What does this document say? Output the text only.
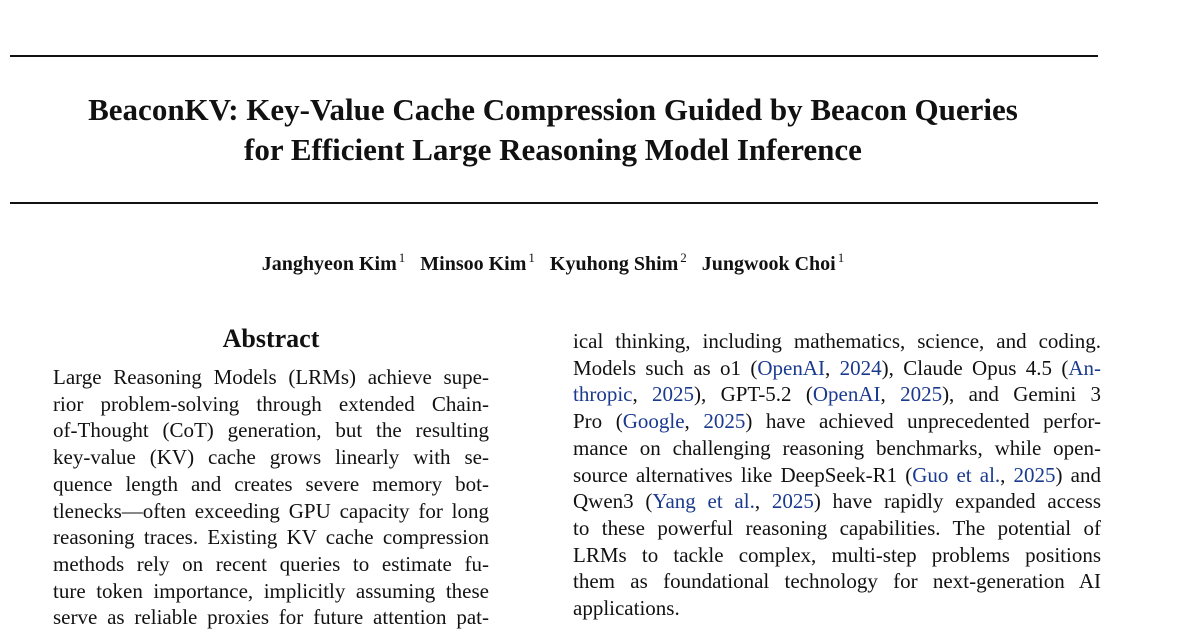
BeaconKV: Key-Value Cache Compression Guided by Beacon Queries
for Efficient Large Reasoning Model Inference
Janghyeon Kim $^1$ Minsoo Kim $^1$ Kyuhong Shim $^2$ Jungwook Choi $^1$
Abstract
Large Reasoning Models (LRMs) achieve supe-
rior problem-solving through extended Chain-
of-Thought (CoT) generation, but the resulting
key-value (KV) cache grows linearly with se-
quence length and creates severe memory bot-
tlenecks—often exceeding GPU capacity for long
reasoning traces. Existing KV cache compression
methods rely on recent queries to estimate fu-
ture token importance, implicitly assuming these
serve as reliable proxies for future attention pat-
ical thinking, including mathematics, science, and coding.
Models such as o1 (OpenAI, 2024), Claude Opus 4.5 (An-
thropic, 2025), GPT-5.2 (OpenAI, 2025), and Gemini 3
Pro (Google, 2025) have achieved unprecedented perfor-
mance on challenging reasoning benchmarks, while open-
source alternatives like DeepSeek-R1 (Guo et al., 2025) and
Qwen3 (Yang et al., 2025) have rapidly expanded access
to these powerful reasoning capabilities. The potential of
LRMs to tackle complex, multi-step problems positions
them as foundational technology for next-generation AI
applications.
